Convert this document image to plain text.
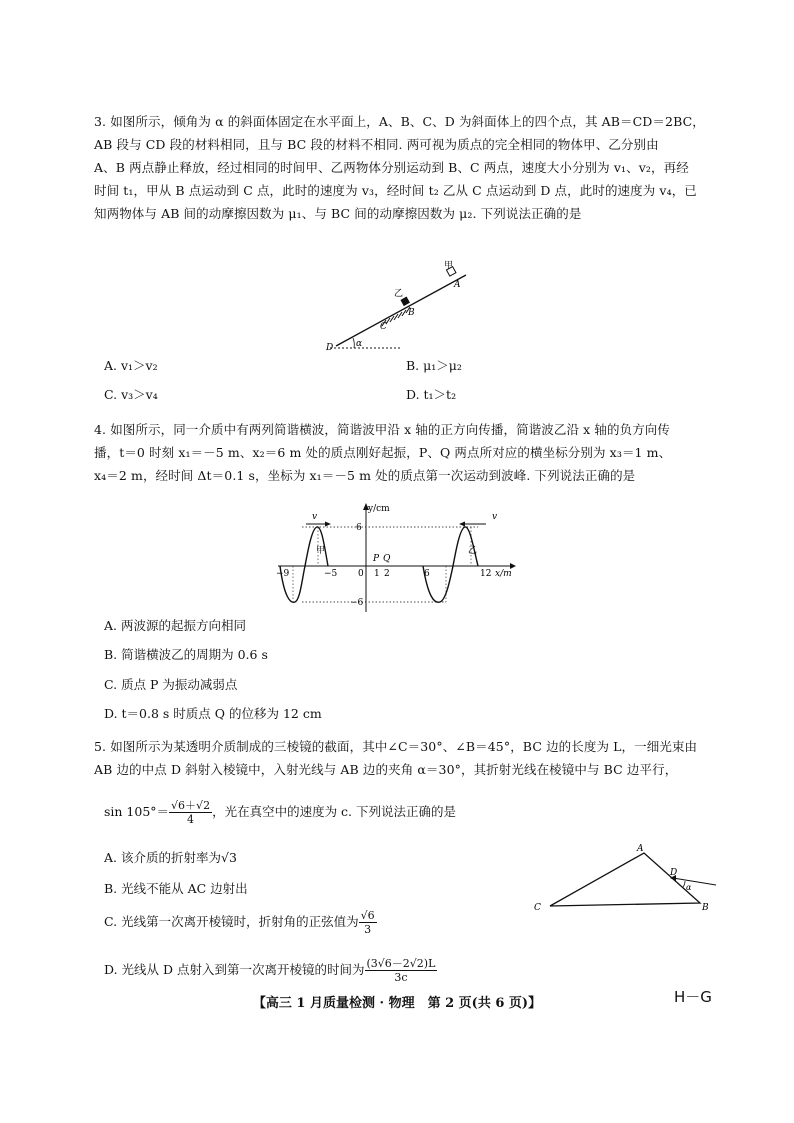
3. 如图所示，倾角为 α 的斜面体固定在水平面上，A、B、C、D 为斜面体上的四个点，其 AB＝CD＝2BC，

AB 段与 CD 段的材料相同，且与 BC 段的材料不相同. 两可视为质点的完全相同的物体甲、乙分别由

A、B 两点静止释放，经过相同的时间甲、乙两物体分别运动到 B、C 两点，速度大小分别为 v₁、v₂，再经

时间 t₁，甲从 B 点运动到 C 点，此时的速度为 v₃，经时间 t₂ 乙从 C 点运动到 D 点，此时的速度为 v₄，已

知两物体与 AB 间的动摩擦因数为 μ₁、与 BC 间的动摩擦因数为 μ₂. 下列说法正确的是

甲
A
乙
B
C
D	α
A. v₁＞v₂	B. μ₁＞μ₂
C. v₃＞v₄	D. t₁＞t₂

4. 如图所示，同一介质中有两列简谐横波，简谐波甲沿 x 轴的正方向传播，简谐波乙沿 x 轴的负方向传

播，t＝0 时刻 x₁＝－5 m、x₂＝6 m 处的质点刚好起振，P、Q 两点所对应的横坐标分别为 x₃＝1 m、

x₄＝2 m，经时间 Δt＝0.1 s，坐标为 x₁＝－5 m 处的质点第一次运动到波峰. 下列说法正确的是

v	v
y/cm
x/m
甲	乙
P Q
−9	−5 0 1 2	6	12
6
−6
A. 两波源的起振方向相同
B. 简谐横波乙的周期为 0.6 s
C. 质点 P 为振动减弱点
D. t＝0.8 s 时质点 Q 的位移为 12 cm

5. 如图所示为某透明介质制成的三棱镜的截面，其中∠C＝30°、∠B＝45°，BC 边的长度为 L，一细光束由

AB 边的中点 D 斜射入棱镜中，入射光线与 AB 边的夹角 α＝30°，其折射光线在棱镜中与 BC 边平行，

$\sin 105^\circ= \frac{√6+√2}{4}$ ，光在真空中的速度为 c. 下列说法正确的是
A
C	B
D
α
A. 该介质的折射率为√3
B. 光线不能从 AC 边射出
C. 光线第一次离开棱镜时，折射角的正弦值为 $\frac{√6}{3}$
D. 光线从 D 点射入到第一次离开棱镜的时间为 $\frac{(3√6-2√2)L}{3c}$
【高三 1 月质量检测 · 物理　第 2 页(共 6 页)】	H－G
